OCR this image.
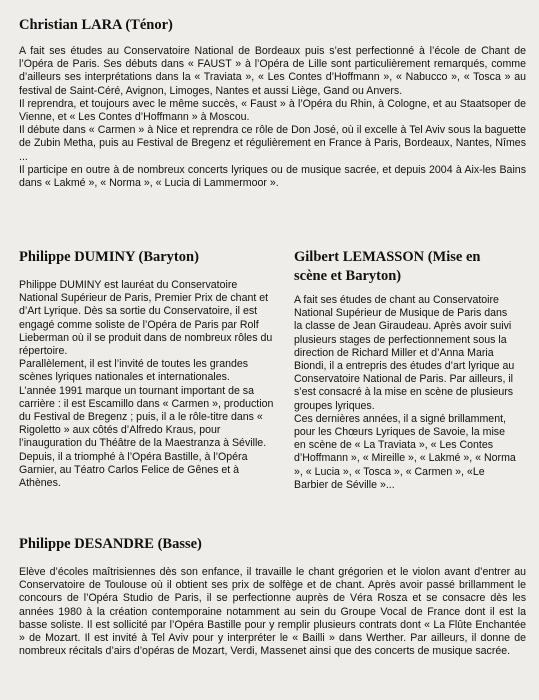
Christian LARA (Ténor)

A fait ses études au Conservatoire National de Bordeaux puis s’est perfectionné à l’école de Chant de l’Opéra de Paris. Ses débuts dans « FAUST » à l’Opéra de Lille sont particulièrement remarqués, comme d’ailleurs ses interprétations dans la « Traviata », « Les Contes d’Hoffmann », « Nabucco », « Tosca » au festival de Saint-Céré, Avignon, Limoges, Nantes et aussi Liège, Gand ou Anvers.

Il reprendra, et toujours avec le même succès, « Faust » à l’Opéra du Rhin, à Cologne, et au Staatsoper de Vienne, et « Les Contes d’Hoffmann » à Moscou.

Il débute dans « Carmen » à Nice et reprendra ce rôle de Don José, où il excelle à Tel Aviv sous la baguette de Zubin Metha, puis au Festival de Bregenz et régulièrement en France à Paris, Bordeaux, Nantes, Nîmes ...

Il participe en outre à de nombreux concerts lyriques ou de musique sacrée, et depuis 2004 à Aix-les Bains dans « Lakmé », « Norma », « Lucia di Lammermoor ».

Philippe DUMINY (Baryton)

Philippe DUMINY est lauréat du Conservatoire National Supérieur de Paris, Premier Prix de chant et d’Art Lyrique. Dès sa sortie du Conservatoire, il est engagé comme soliste de l’Opéra de Paris par Rolf Lieberman où il se produit dans de nombreux rôles du répertoire.

Parallèlement, il est l’invité de toutes les grandes scènes lyriques nationales et internationales.

L’année 1991 marque un tournant important de sa carrière : il est Escamillo dans « Carmen », production du Festival de Bregenz ; puis, il a le rôle-titre dans « Rigoletto » aux côtés d’Alfredo Kraus, pour l’inauguration du Théâtre de la Maestranza à Séville.

Depuis, il a triomphé à l’Opéra Bastille, à l’Opéra Garnier, au Téatro Carlos Felice de Gênes et à Athènes.

Gilbert LEMASSON (Mise en scène et Baryton)

A fait ses études de chant au Conservatoire National Supérieur de Musique de Paris dans la classe de Jean Giraudeau. Après avoir suivi plusieurs stages de perfectionnement sous la direction de Richard Miller et d’Anna Maria Biondi, il a entrepris des études d’art lyrique au Conservatoire National de Paris. Par ailleurs, il s’est consacré à la mise en scène de plusieurs groupes lyriques.

Ces dernières années, il a signé brillamment, pour les Chœurs Lyriques de Savoie, la mise en scène de « La Traviata », « Les Contes d’Hoffmann », « Mireille », « Lakmé », « Norma », « Lucia », « Tosca », « Carmen », «Le Barbier de Séville »...

Philippe DESANDRE (Basse)

Elève d’écoles maîtrisiennes dès son enfance, il travaille le chant grégorien et le violon avant d’entrer au Conservatoire de Toulouse où il obtient ses prix de solfège et de chant. Après avoir passé brillamment le concours de l’Opéra Studio de Paris, il se perfectionne auprès de Véra Rosza et se consacre dès les années 1980 à la création contemporaine notamment au sein du Groupe Vocal de France dont il est la basse soliste. Il est sollicité par l’Opéra Bastille pour y remplir plusieurs contrats dont « La Flûte Enchantée » de Mozart. Il est invité à Tel Aviv pour y interpréter le « Bailli » dans Werther. Par ailleurs, il donne de nombreux récitals d’airs d’opéras de Mozart, Verdi, Massenet ainsi que des concerts de musique sacrée.
